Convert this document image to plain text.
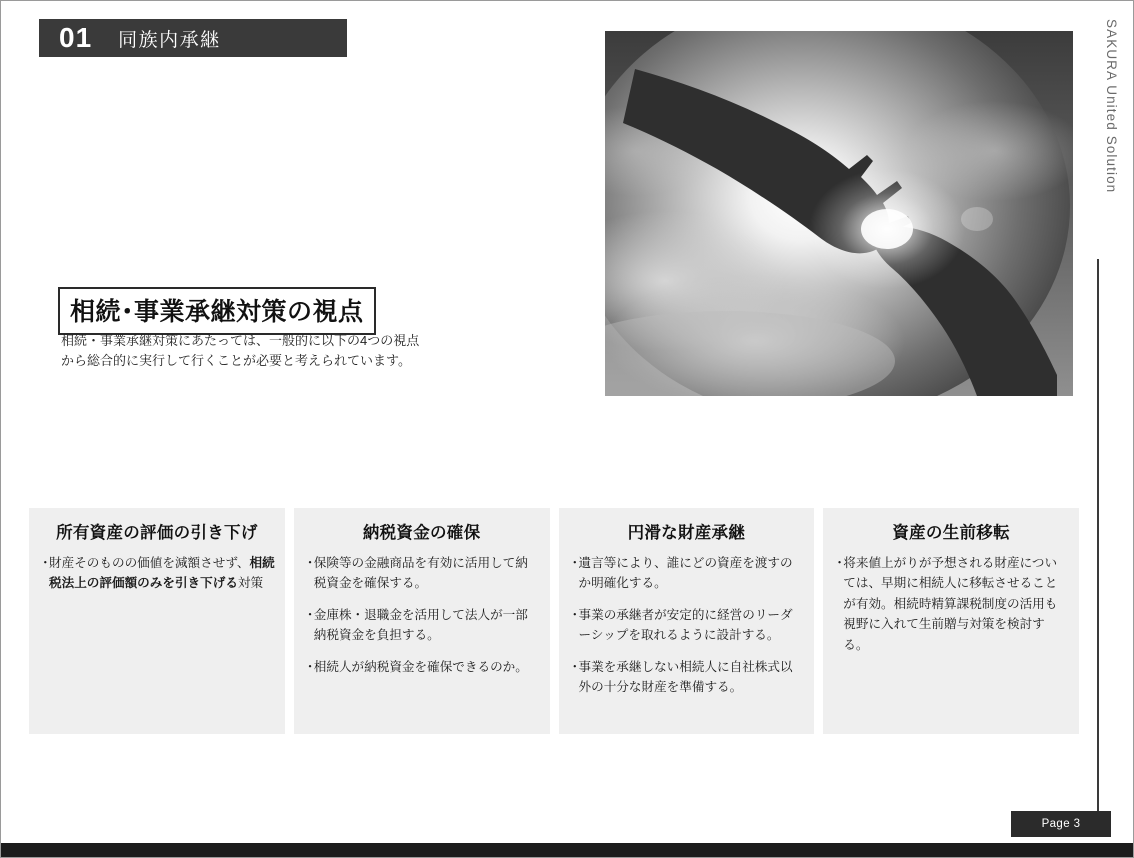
01 同族内承継	SAKURA United Solution
相続･事業承継対策の視点
相続・事業承継対策にあたっては、一般的に以下の4つの視点
から総合的に実行して行くことが必要と考えられています。
所有資産の評価の引き下げ
・
財産そのものの価値を減額させず、相続税法上の評価額のみを引き下げる対策
納税資金の確保
・
保険等の金融商品を有効に活用して納税資金を確保する。
・
金庫株・退職金を活用して法人が一部納税資金を負担する。
・
相続人が納税資金を確保できるのか。
円滑な財産承継
・
遺言等により、誰にどの資産を渡すのか明確化する。
・
事業の承継者が安定的に経営のリーダーシップを取れるように設計する。
・
事業を承継しない相続人に自社株式以外の十分な財産を準備する。
資産の生前移転
・
将来値上がりが予想される財産については、早期に相続人に移転させることが有効。相続時精算課税制度の活用も視野に入れて生前贈与対策を検討する。
Page 3
